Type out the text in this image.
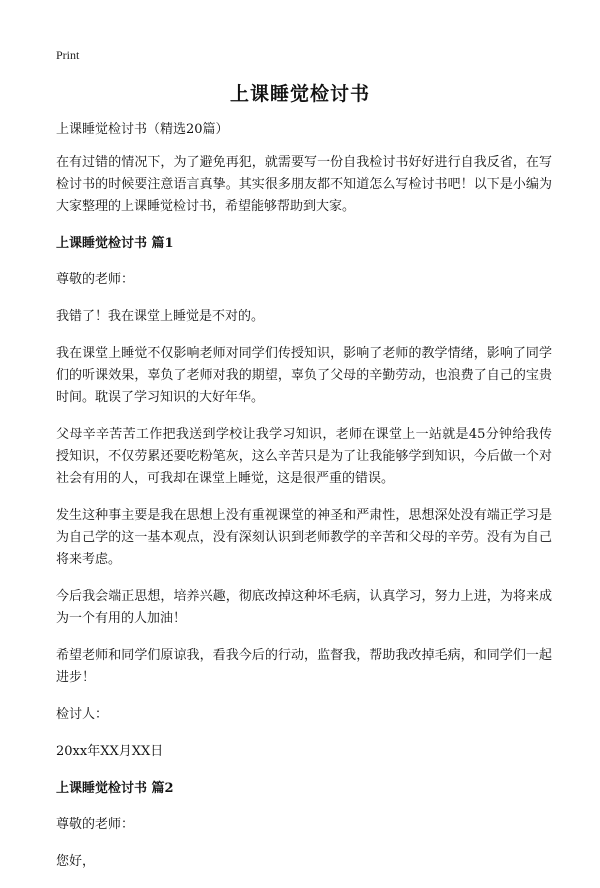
Print
上课睡觉检讨书

上课睡觉检讨书（精选20篇）

在有过错的情况下，为了避免再犯，就需要写一份自我检讨书好好进行自我反省，在写检讨书的时候要注意语言真挚。其实很多朋友都不知道怎么写检讨书吧！以下是小编为大家整理的上课睡觉检讨书，希望能够帮助到大家。

上课睡觉检讨书 篇1

尊敬的老师：

我错了！我在课堂上睡觉是不对的。

我在课堂上睡觉不仅影响老师对同学们传授知识，影响了老师的教学情绪，影响了同学们的听课效果，辜负了老师对我的期望，辜负了父母的辛勤劳动，也浪费了自己的宝贵时间。耽误了学习知识的大好年华。

父母辛辛苦苦工作把我送到学校让我学习知识，老师在课堂上一站就是45分钟给我传授知识，不仅劳累还要吃粉笔灰，这么辛苦只是为了让我能够学到知识，今后做一个对社会有用的人，可我却在课堂上睡觉，这是很严重的错误。

发生这种事主要是我在思想上没有重视课堂的神圣和严肃性，思想深处没有端正学习是为自己学的这一基本观点，没有深刻认识到老师教学的辛苦和父母的辛劳。没有为自己将来考虑。

今后我会端正思想，培养兴趣，彻底改掉这种坏毛病，认真学习，努力上进，为将来成为一个有用的人加油！

希望老师和同学们原谅我，看我今后的行动，监督我，帮助我改掉毛病，和同学们一起进步！

检讨人：

20xx年XX月XX日

上课睡觉检讨书 篇2

尊敬的老师：

您好，
